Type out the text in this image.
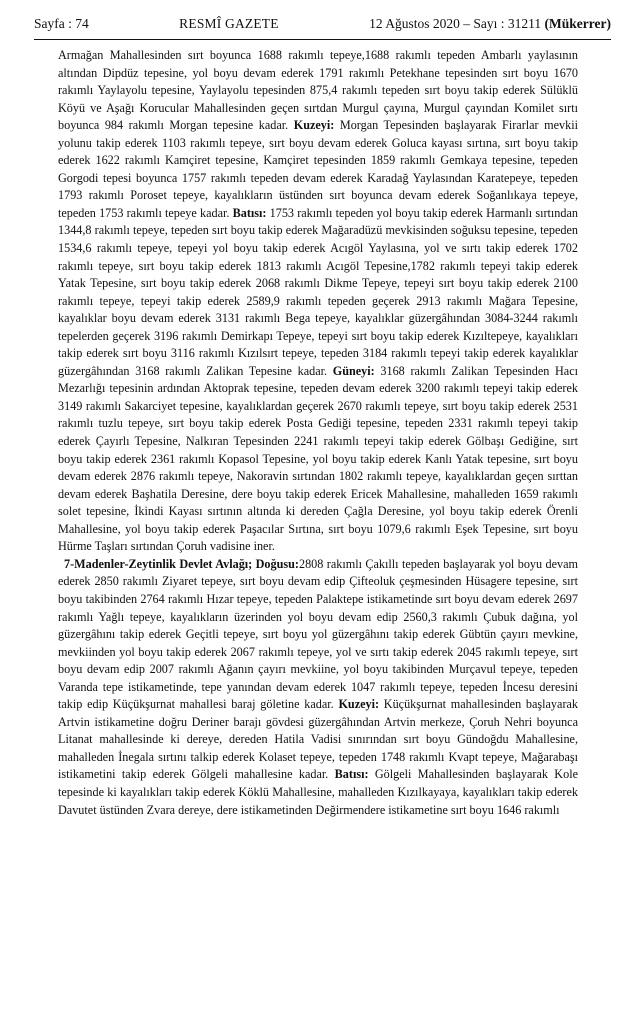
Sayfa : 74	RESMÎ GAZETE	12 Ağustos 2020 – Sayı : 31211 (Mükerrer)

Armağan Mahallesinden sırt boyunca 1688 rakımlı tepeye,1688 rakımlı tepeden Ambarlı yaylasının altından Dipdüz tepesine, yol boyu devam ederek 1791 rakımlı Petekhane tepesinden sırt boyu 1670 rakımlı Yaylayolu tepesine, Yaylayolu tepesinden 875,4 rakımlı tepeden sırt boyu takip ederek Sülüklü Köyü ve Aşağı Korucular Mahallesinden geçen sırtdan Murgul çayına, Murgul çayından Komilet sırtı boyunca 984 rakımlı Morgan tepesine kadar. Kuzeyi: Morgan Tepesinden başlayarak Firarlar mevkii yolunu takip ederek 1103 rakımlı tepeye, sırt boyu devam ederek Goluca kayası sırtına, sırt boyu takip ederek 1622 rakımlı Kamçiret tepesine, Kamçiret tepesinden 1859 rakımlı Gemkaya tepesine, tepeden Gorgodi tepesi boyunca 1757 rakımlı tepeden devam ederek Karadağ Yaylasından Karatepeye, tepeden 1793 rakımlı Poroset tepeye, kayalıkların üstünden sırt boyunca devam ederek Soğanlıkaya tepeye, tepeden 1753 rakımlı tepeye kadar. Batısı: 1753 rakımlı tepeden yol boyu takip ederek Harmanlı sırtından 1344,8 rakımlı tepeye, tepeden sırt boyu takip ederek Mağaradüzü mevkisinden soğuksu tepesine, tepeden 1534,6 rakımlı tepeye, tepeyi yol boyu takip ederek Acıgöl Yaylasına, yol ve sırtı takip ederek 1702 rakımlı tepeye, sırt boyu takip ederek 1813 rakımlı Acıgöl Tepesine,1782 rakımlı tepeyi takip ederek Yatak Tepesine, sırt boyu takip ederek 2068 rakımlı Dikme Tepeye, tepeyi sırt boyu takip ederek 2100 rakımlı tepeye, tepeyi takip ederek 2589,9 rakımlı tepeden geçerek 2913 rakımlı Mağara Tepesine, kayalıklar boyu devam ederek 3131 rakımlı Bega tepeye, kayalıklar güzergâhından 3084-3244 rakımlı tepelerden geçerek 3196 rakımlı Demirkapı Tepeye, tepeyi sırt boyu takip ederek Kızıltepeye, kayalıkları takip ederek sırt boyu 3116 rakımlı Kızılsırt tepeye, tepeden 3184 rakımlı tepeyi takip ederek kayalıklar güzergâhından 3168 rakımlı Zalikan Tepesine kadar. Güneyi: 3168 rakımlı Zalikan Tepesinden Hacı Mezarlığı tepesinin ardından Aktoprak tepesine, tepeden devam ederek 3200 rakımlı tepeyi takip ederek 3149 rakımlı Sakarciyet tepesine, kayalıklardan geçerek 2670 rakımlı tepeye, sırt boyu takip ederek 2531 rakımlı tuzlu tepeye, sırt boyu takip ederek Posta Gediği tepesine, tepeden 2331 rakımlı tepeyi takip ederek Çayırlı Tepesine, Nalkıran Tepesinden 2241 rakımlı tepeyi takip ederek Gölbaşı Gediğine, sırt boyu takip ederek 2361 rakımlı Kopasol Tepesine, yol boyu takip ederek Kanlı Yatak tepesine, sırt boyu devam ederek 2876 rakımlı tepeye, Nakoravin sırtından 1802 rakımlı tepeye, kayalıklardan geçen sırttan devam ederek Başhatila Deresine, dere boyu takip ederek Ericek Mahallesine, mahalleden 1659 rakımlı solet tepesine, İkindi Kayası sırtının altında ki dereden Çağla Deresine, yol boyu takip ederek Örenli Mahallesine, yol boyu takip ederek Paşacılar Sırtına, sırt boyu 1079,6 rakımlı Eşek Tepesine, sırt boyu Hürme Taşları sırtından Çoruh vadisine iner.

7-Madenler-Zeytinlik Devlet Avlağı; Doğusu:2808 rakımlı Çakıllı tepeden başlayarak yol boyu devam ederek 2850 rakımlı Ziyaret tepeye, sırt boyu devam edip Çifteoluk çeşmesinden Hüsagere tepesine, sırt boyu takibinden 2764 rakımlı Hızar tepeye, tepeden Palaktepe istikametinde sırt boyu devam ederek 2697 rakımlı Yağlı tepeye, kayalıkların üzerinden yol boyu devam edip 2560,3 rakımlı Çubuk dağına, yol güzergâhını takip ederek Geçitli tepeye, sırt boyu yol güzergâhını takip ederek Gübtün çayırı mevkine, mevkiinden yol boyu takip ederek 2067 rakımlı tepeye, yol ve sırtı takip ederek 2045 rakımlı tepeye, sırt boyu devam edip 2007 rakımlı Ağanın çayırı mevkiine, yol boyu takibinden Murçavul tepeye, tepeden Varanda tepe istikametinde, tepe yanından devam ederek 1047 rakımlı tepeye, tepeden İncesu deresini takip edip Küçükşurnat mahallesi baraj göletine kadar. Kuzeyi: Küçükşurnat mahallesinden başlayarak Artvin istikametine doğru Deriner barajı gövdesi güzergâhından Artvin merkeze, Çoruh Nehri boyunca Litanat mahallesinde ki dereye, dereden Hatila Vadisi sınırından sırt boyu Gündoğdu Mahallesine, mahalleden İnegala sırtını talkip ederek Kolaset tepeye, tepeden 1748 rakımlı Kvapt tepeye, Mağarabaşı istikametini takip ederek Gölgeli mahallesine kadar. Batısı: Gölgeli Mahallesinden başlayarak Kole tepesinde ki kayalıkları takip ederek Köklü Mahallesine, mahalleden Kızılkayaya, kayalıkları takip ederek Davutet üstünden Zvara dereye, dere istikametinden Değirmendere istikametine sırt boyu 1646 rakımlı
